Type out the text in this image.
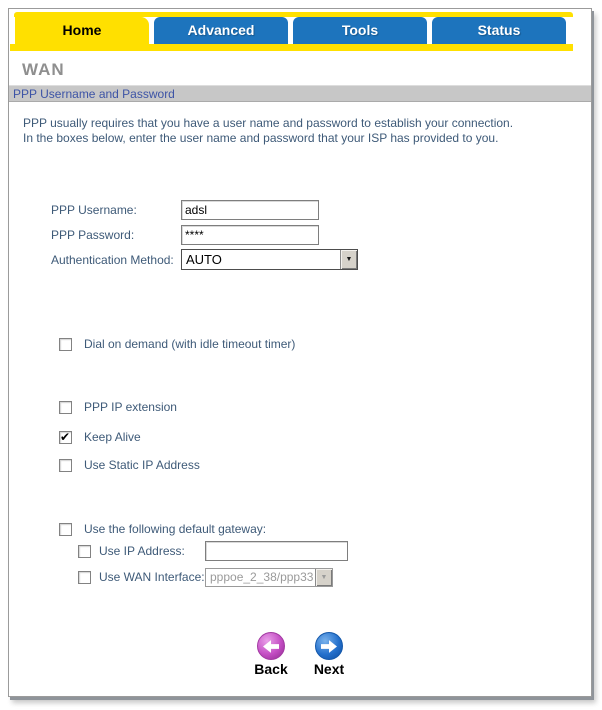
Home	Advanced	Tools	Status
WAN
PPP Username and Password
PPP usually requires that you have a user name and password to establish your connection.
In the boxes below, enter the user name and password that your ISP has provided to you.
PPP Username:
adsl
PPP Password:
****
Authentication Method: AUTO	▼
Dial on demand (with idle timeout timer)
PPP IP extension
✔
Keep Alive
Use Static IP Address
Use the following default gateway:
Use IP Address:
Use WAN Interface: pppoe_2_38/ppp33	▼
Back	Next
